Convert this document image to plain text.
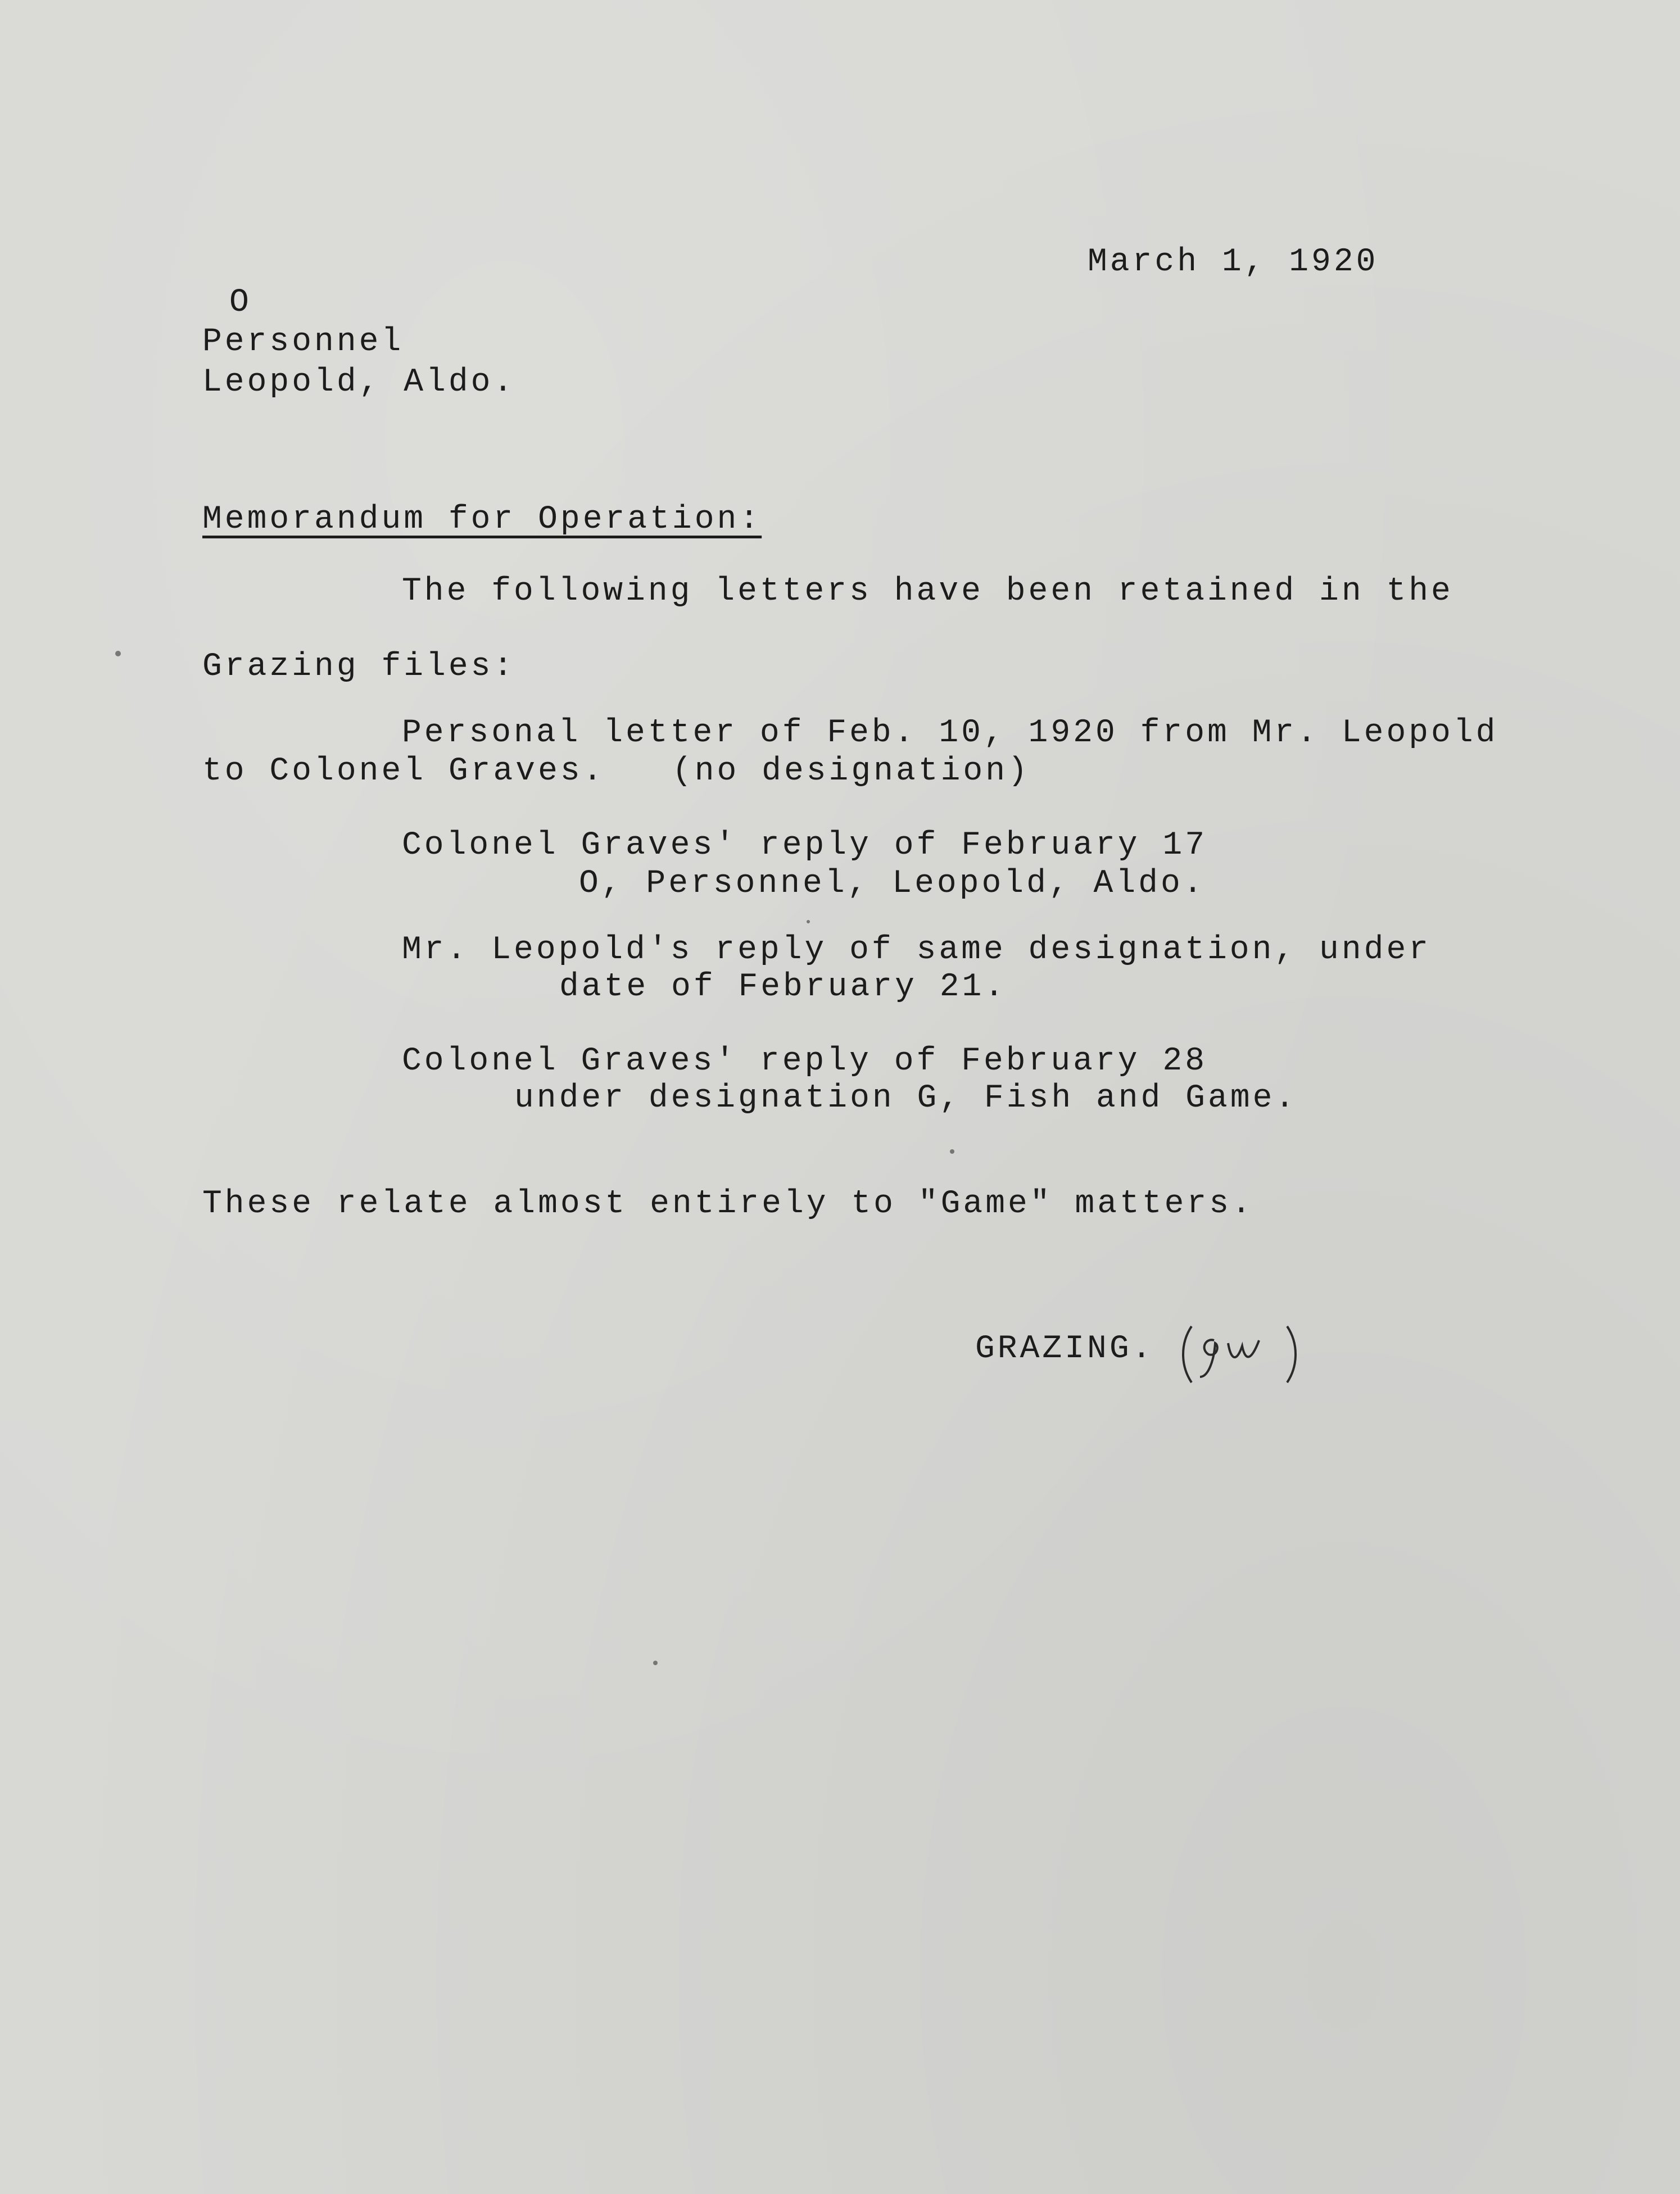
March 1, 1920

O

Personnel

Leopold, Aldo.

Memorandum for Operation:

The following letters have been retained in the

Grazing files:

Personal letter of Feb. 10, 1920 from Mr. Leopold

to Colonel Graves.   (no designation)

Colonel Graves' reply of February 17

O, Personnel, Leopold, Aldo.

Mr. Leopold's reply of same designation, under

date of February 21.

Colonel Graves' reply of February 28

under designation G, Fish and Game.

These relate almost entirely to "Game" matters.

GRAZING.
